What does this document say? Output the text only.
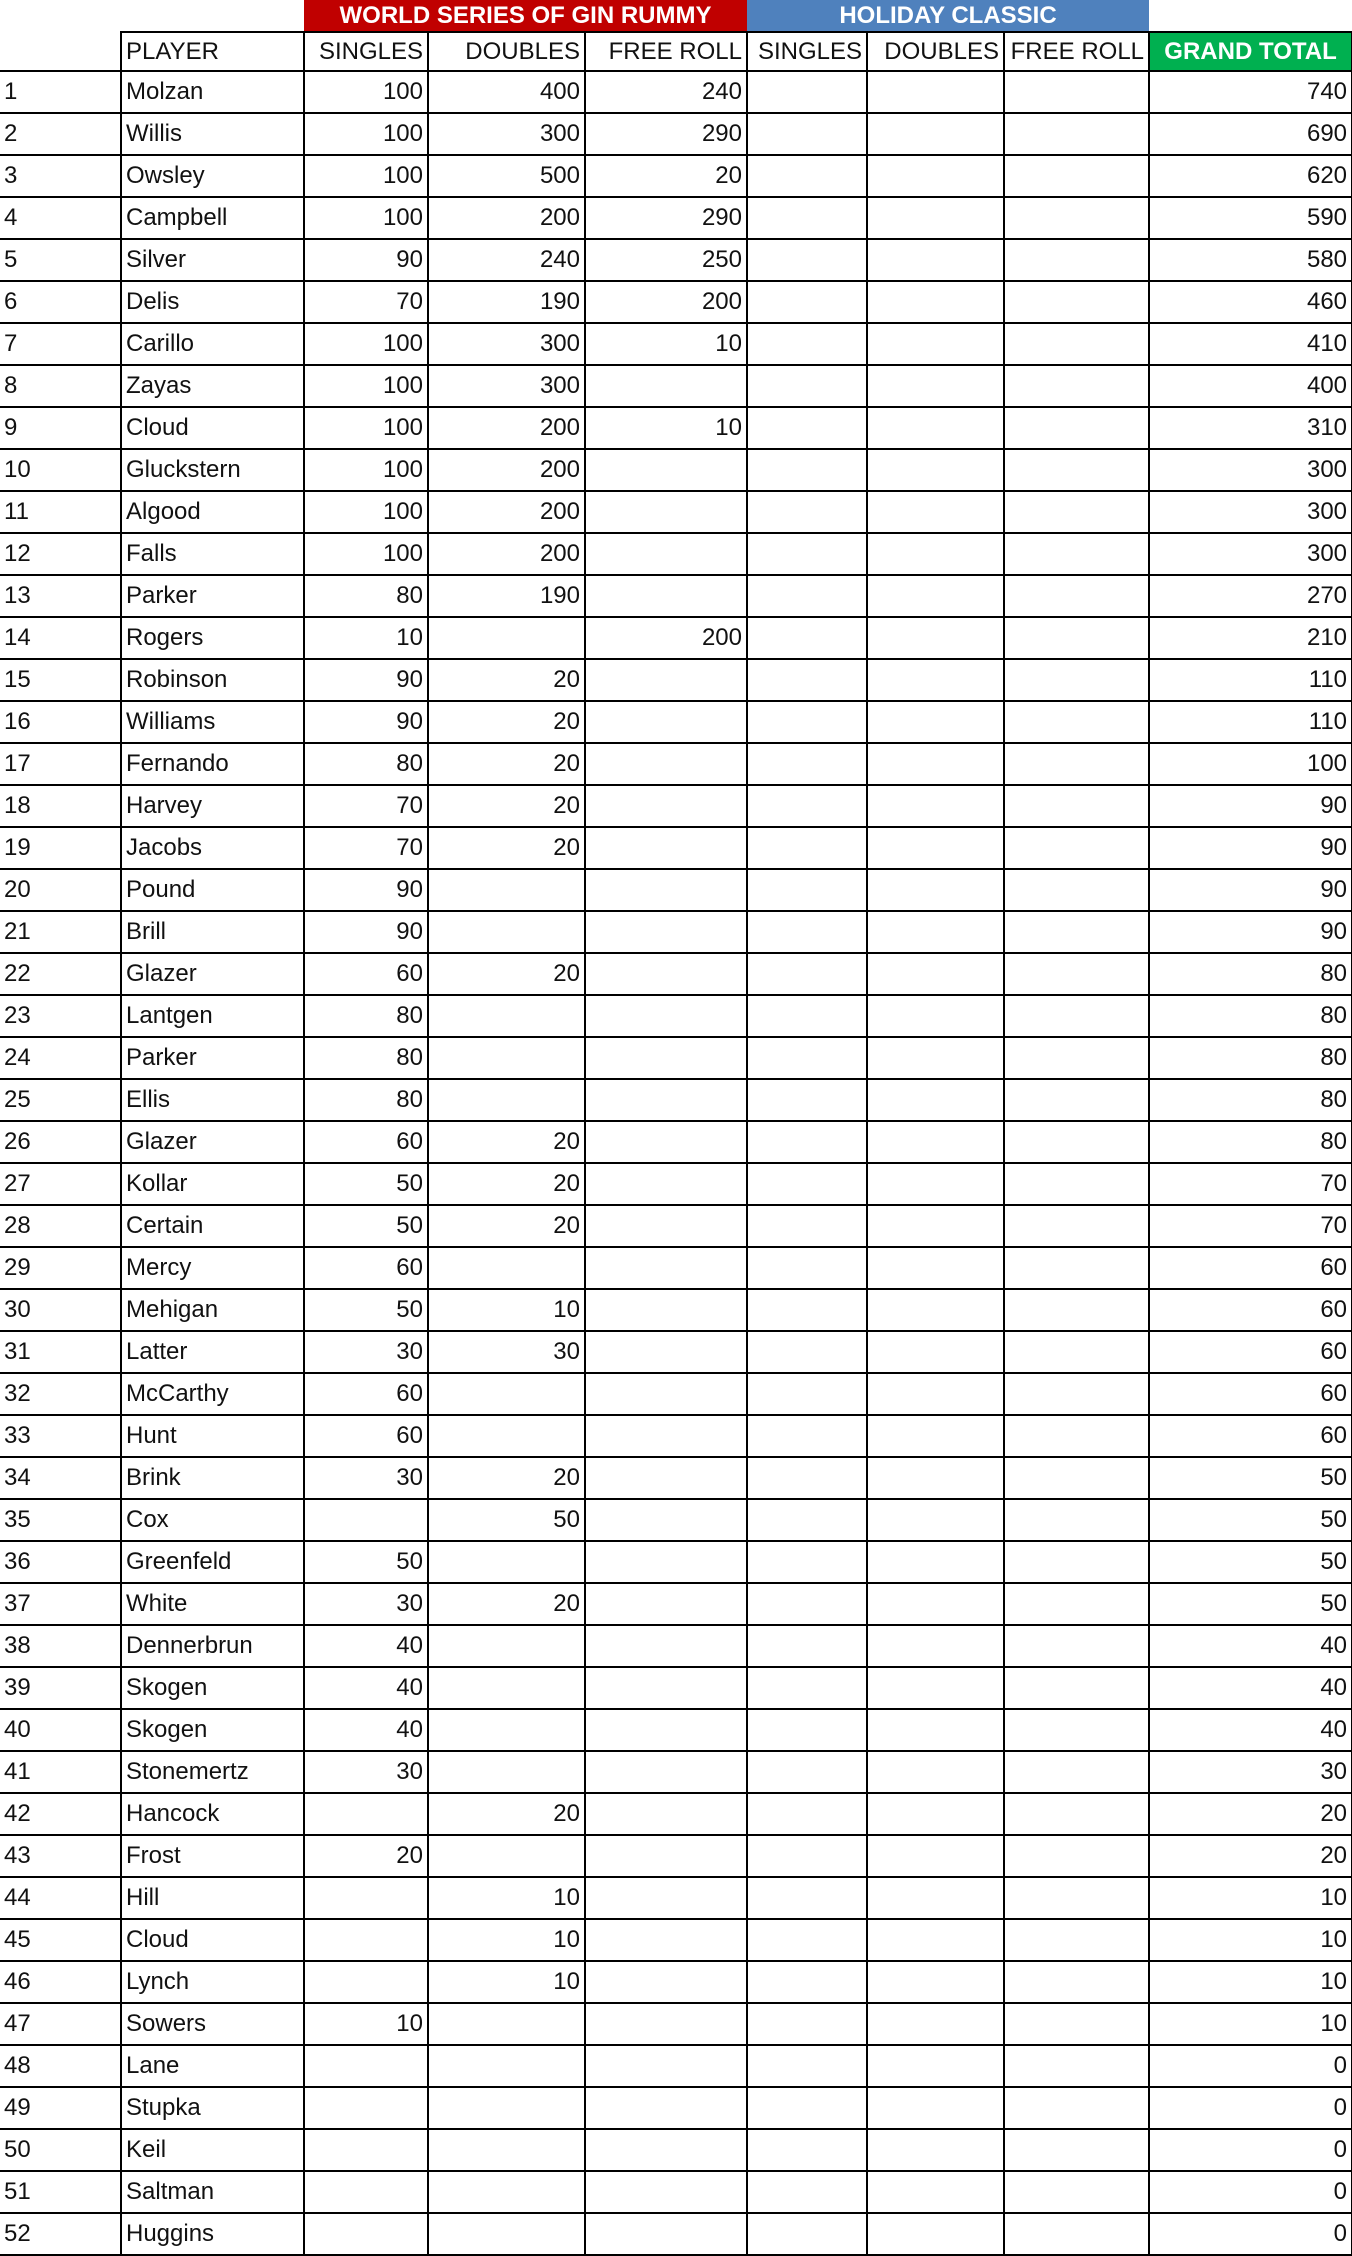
		WORLD SERIES OF GIN RUMMY			HOLIDAY CLASSIC			
	PLAYER	SINGLES	DOUBLES	FREE ROLL	SINGLES	DOUBLES	FREE ROLL	GRAND TOTAL
1	Molzan	100	400	240				740
2	Willis	100	300	290				690
3	Owsley	100	500	20				620
4	Campbell	100	200	290				590
5	Silver	90	240	250				580
6	Delis	70	190	200				460
7	Carillo	100	300	10				410
8	Zayas	100	300					400
9	Cloud	100	200	10				310
10	Gluckstern	100	200					300
11	Algood	100	200					300
12	Falls	100	200					300
13	Parker	80	190					270
14	Rogers	10		200				210
15	Robinson	90	20					110
16	Williams	90	20					110
17	Fernando	80	20					100
18	Harvey	70	20					90
19	Jacobs	70	20					90
20	Pound	90						90
21	Brill	90						90
22	Glazer	60	20					80
23	Lantgen	80						80
24	Parker	80						80
25	Ellis	80						80
26	Glazer	60	20					80
27	Kollar	50	20					70
28	Certain	50	20					70
29	Mercy	60						60
30	Mehigan	50	10					60
31	Latter	30	30					60
32	McCarthy	60						60
33	Hunt	60						60
34	Brink	30	20					50
35	Cox		50					50
36	Greenfeld	50						50
37	White	30	20					50
38	Dennerbrun	40						40
39	Skogen	40						40
40	Skogen	40						40
41	Stonemertz	30						30
42	Hancock		20					20
43	Frost	20						20
44	Hill		10					10
45	Cloud		10					10
46	Lynch		10					10
47	Sowers	10						10
48	Lane							0
49	Stupka							0
50	Keil							0
51	Saltman							0
52	Huggins							0
